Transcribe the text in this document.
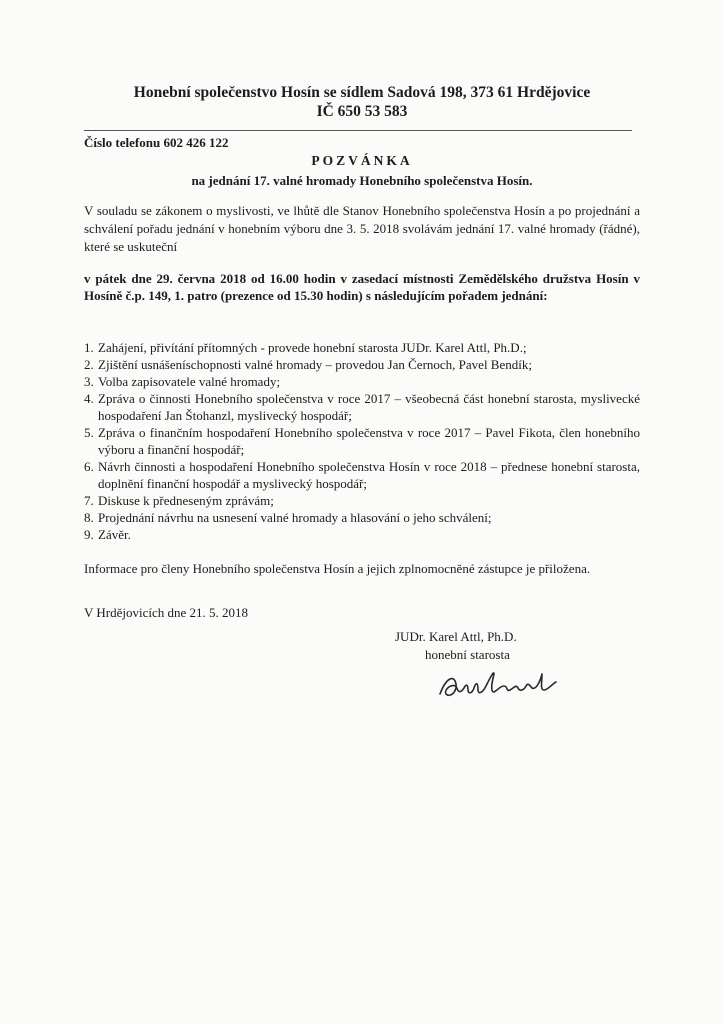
Honební společenstvo Hosín se sídlem Sadová 198, 373 61 Hrdějovice
IČ 650 53 583
Číslo telefonu 602 426 122
POZVÁNKA
na jednání 17. valné hromady Honebního společenstva Hosín.
V souladu se zákonem o myslivosti, ve lhůtě dle Stanov Honebního společenstva Hosín a po projednání a schválení pořadu jednání v honebním výboru dne 3. 5. 2018 svolávám jednání 17. valné hromady (řádné), které se uskuteční
v pátek dne 29. června 2018 od 16.00 hodin v zasedací místnosti Zemědělského družstva Hosín v Hosíně č.p. 149, 1. patro (prezence od 15.30 hodin) s následujícím pořadem jednání:
1. Zahájení, přivítání přítomných - provede honební starosta JUDr. Karel Attl, Ph.D.;
2. Zjištění usnášeníschopnosti valné hromady – provedou Jan Černoch, Pavel Bendík;
3. Volba zapisovatele valné hromady;
4. Zpráva o činnosti Honebního společenstva v roce 2017 – všeobecná část honební starosta, myslivecké hospodaření Jan Štohanzl, myslivecký hospodář;
5. Zpráva o finančním hospodaření Honebního společenstva v roce 2017 – Pavel Fikota, člen honebního výboru a finanční hospodář;
6. Návrh činnosti a hospodaření Honebního společenstva Hosín v roce 2018 – přednese honební starosta, doplnění finanční hospodář a myslivecký hospodář;
7. Diskuse k předneseným zprávám;
8. Projednání návrhu na usnesení valné hromady a hlasování o jeho schválení;
9. Závěr.
Informace pro členy Honebního společenstva Hosín a jejich zplnomocněné zástupce je přiložena.
V Hrdějovicích dne 21. 5. 2018
JUDr. Karel Attl, Ph.D.
honební starosta
